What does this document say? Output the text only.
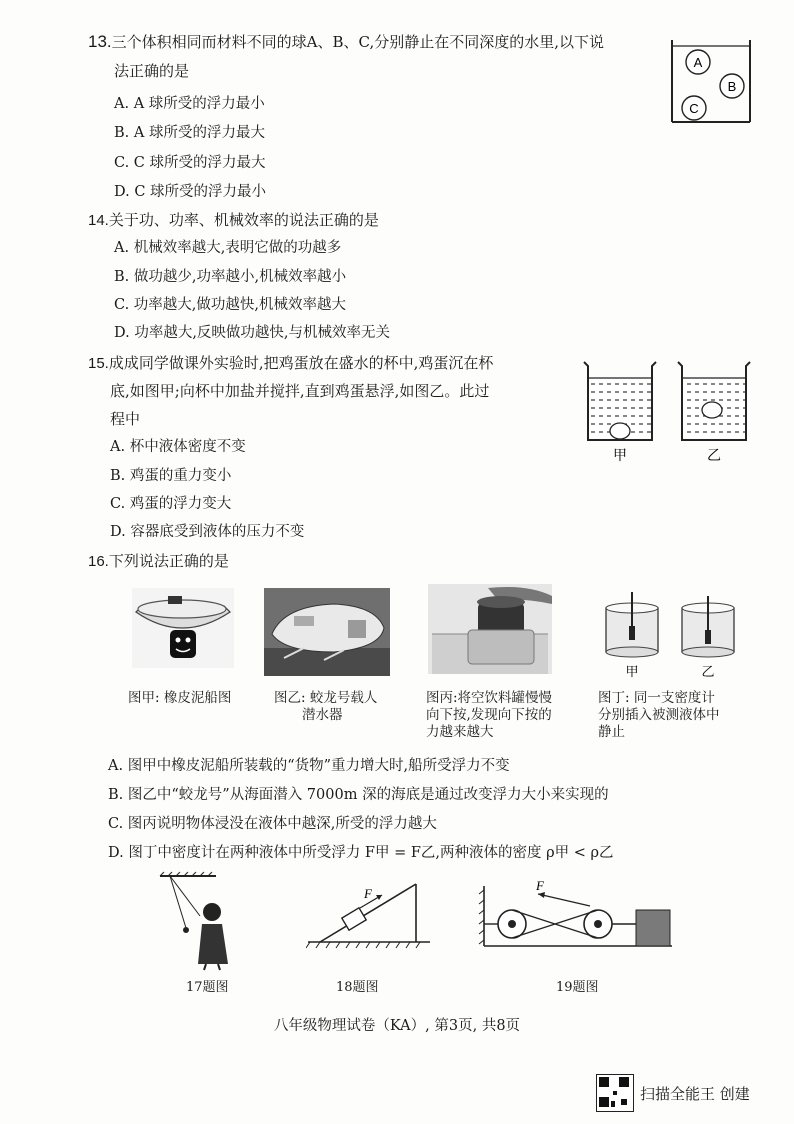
13.三个体积相同而材料不同的球A、B、C,分别静止在不同深度的水里,以下说
法正确的是
A. A 球所受的浮力最小
B. A 球所受的浮力最大
C. C 球所受的浮力最大
D. C 球所受的浮力最小
A
B
C
14.关于功、功率、机械效率的说法正确的是
A. 机械效率越大,表明它做的功越多
B. 做功越少,功率越小,机械效率越小
C. 功率越大,做功越快,机械效率越大
D. 功率越大,反映做功越快,与机械效率无关
15.成成同学做课外实验时,把鸡蛋放在盛水的杯中,鸡蛋沉在杯
底,如图甲;向杯中加盐并搅拌,直到鸡蛋悬浮,如图乙。此过
程中
A. 杯中液体密度不变
B. 鸡蛋的重力变小
C. 鸡蛋的浮力变大
D. 容器底受到液体的压力不变
甲	乙
16.下列说法正确的是
甲	乙
图甲: 橡皮泥船图	图乙: 蛟龙号载人
潜水器
图丙:将空饮料罐慢慢
向下按,发现向下按的
力越来越大
图丁: 同一支密度计
分别插入被测液体中
静止
A. 图甲中橡皮泥船所装载的“货物”重力增大时,船所受浮力不变
B. 图乙中“蛟龙号”从海面潜入 7000m 深的海底是通过改变浮力大小来实现的
C. 图丙说明物体浸没在液体中越深,所受的浮力越大
D. 图丁中密度计在两种液体中所受浮力 F甲 = F乙,两种液体的密度 ρ甲 < ρ乙
17题图
F
18题图
F
19题图
八年级物理试卷（KA）, 第3页, 共8页
扫描全能王 创建
